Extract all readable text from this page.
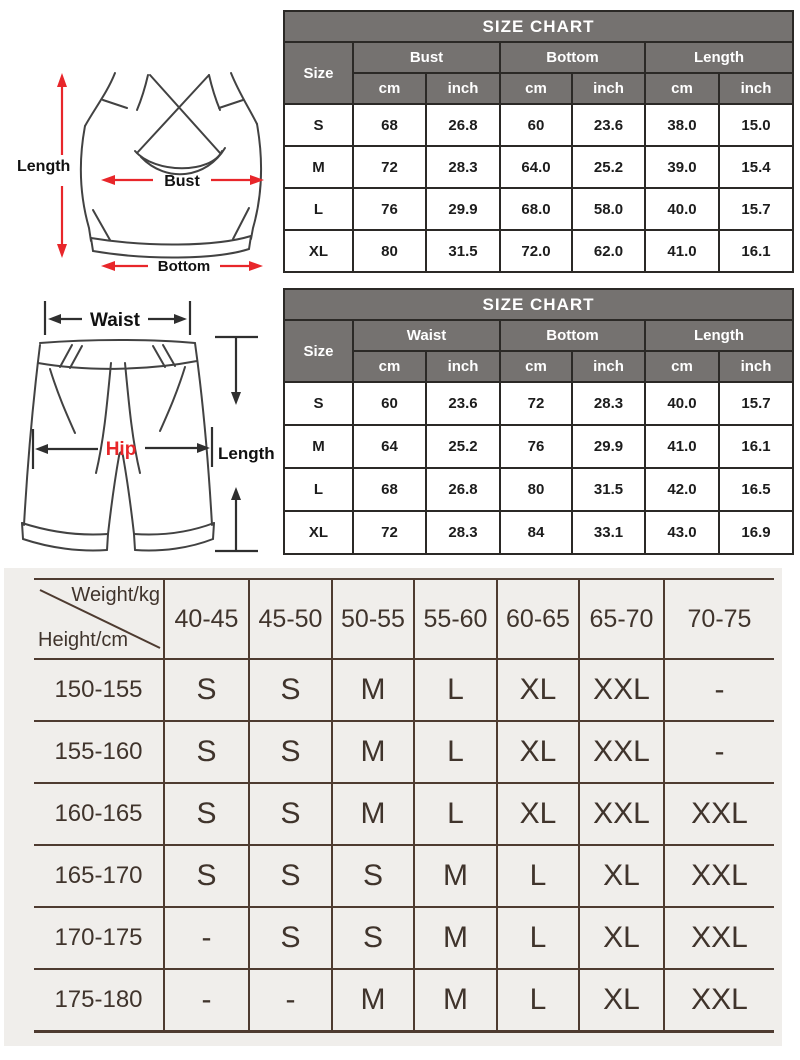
Length
Bust
Bottom
Waist
Hip	Length
SIZE CHART						
Size	Bust		Bottom		Length	
	cm	inch	cm	inch	cm	inch
S	68	26.8	60	23.6	38.0	15.0
M	72	28.3	64.0	25.2	39.0	15.4
L	76	29.9	68.0	58.0	40.0	15.7
XL	80	31.5	72.0	62.0	41.0	16.1
SIZE CHART						
Size	Waist		Bottom		Length	
	cm	inch	cm	inch	cm	inch
S	60	23.6	72	28.3	40.0	15.7
M	64	25.2	76	29.9	41.0	16.1
L	68	26.8	80	31.5	42.0	16.5
XL	72	28.3	84	33.1	43.0	16.9
Weight/kg
Height/cm	40-45	45-50	50-55	55-60	60-65	65-70	70-75
150-155	S	S	M	L	XL	XXL	-
155-160	S	S	M	L	XL	XXL	-
160-165	S	S	M	L	XL	XXL	XXL
165-170	S	S	S	M	L	XL	XXL
170-175	-	S	S	M	L	XL	XXL
175-180	-	-	M	M	L	XL	XXL
